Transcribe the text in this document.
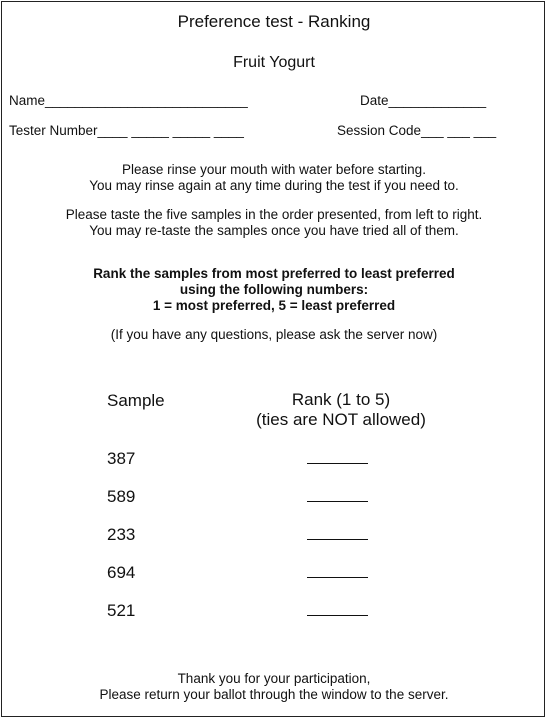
Preference test - Ranking
Fruit Yogurt
Name___________________________	Date_____________
Tester Number____ _____ _____ ____	Session Code___ ___ ___
Please rinse your mouth with water before starting.
You may rinse again at any time during the test if you need to.
Please taste the five samples in the order presented, from left to right.
You may re-taste the samples once you have tried all of them.
Rank the samples from most preferred to least preferred
using the following numbers:
1 = most preferred, 5 = least preferred
(If you have any questions, please ask the server now)
Sample	Rank (1 to 5)
(ties are NOT allowed)
387
589
233
694
521
Thank you for your participation,
Please return your ballot through the window to the server.
